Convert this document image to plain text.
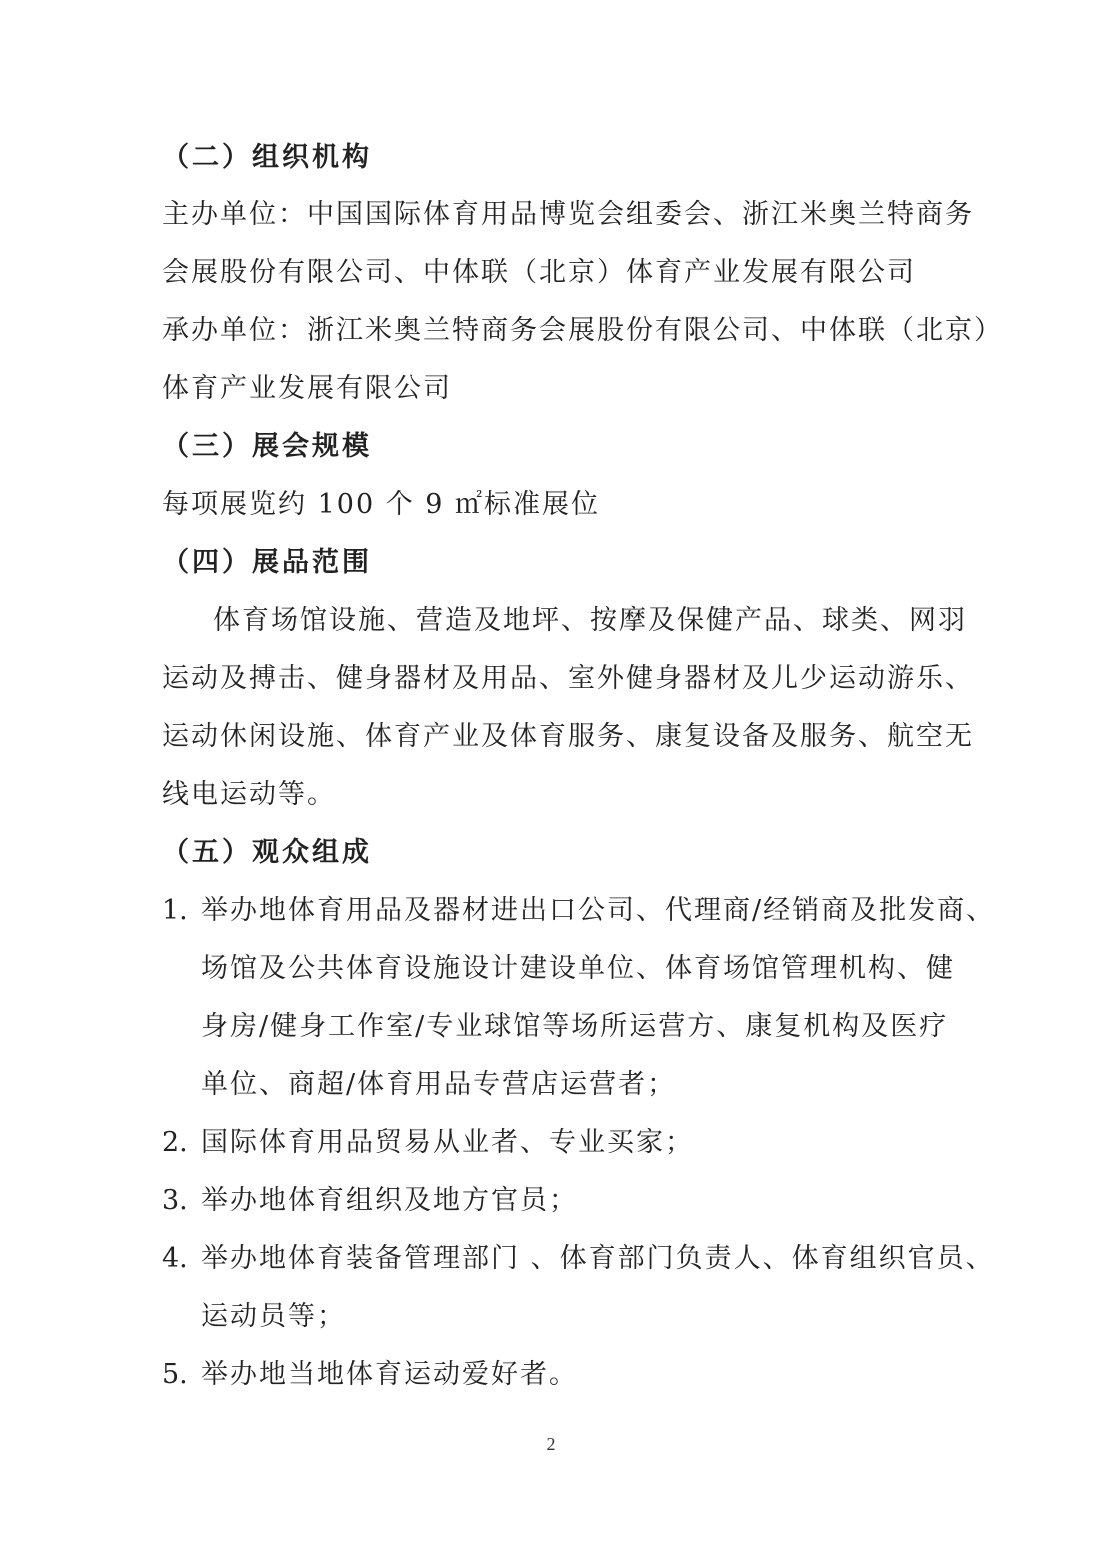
（二）组织机构

主办单位：中国国际体育用品博览会组委会、浙江米奥兰特商务

会展股份有限公司、中体联（北京）体育产业发展有限公司

承办单位：浙江米奥兰特商务会展股份有限公司、中体联（北京）

体育产业发展有限公司

（三）展会规模

每项展览约 100 个 9 ㎡标准展位

（四）展品范围

体育场馆设施、营造及地坪、按摩及保健产品、球类、网羽

运动及搏击、健身器材及用品、室外健身器材及儿少运动游乐、

运动休闲设施、体育产业及体育服务、康复设备及服务、航空无

线电运动等。

（五）观众组成

1. 举办地体育用品及器材进出口公司、代理商/经销商及批发商、
场馆及公共体育设施设计建设单位、体育场馆管理机构、健
身房/健身工作室/专业球馆等场所运营方、康复机构及医疗
单位、商超/体育用品专营店运营者；
2. 国际体育用品贸易从业者、专业买家；
3. 举办地体育组织及地方官员；
4. 举办地体育装备管理部门 、体育部门负责人、体育组织官员、
运动员等；
5. 举办地当地体育运动爱好者。
2
